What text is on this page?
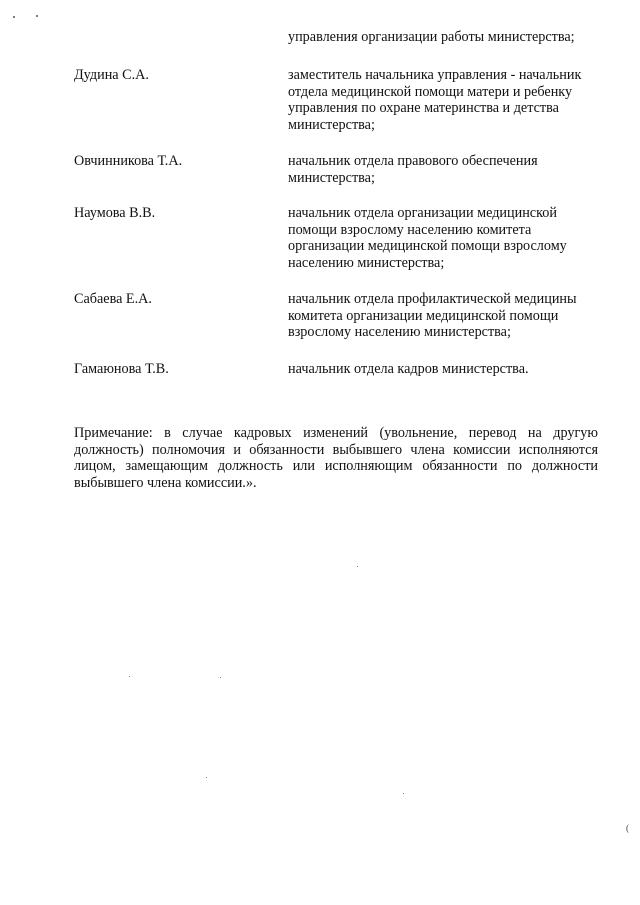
управления организации работы министерства;
Дудина С.А.	заместитель начальника управления - начальник
отдела медицинской помощи матери и ребенку
управления по охране материнства и детства
министерства;
Овчинникова Т.А.	начальник отдела правового обеспечения
министерства;
Наумова В.В.	начальник отдела организации медицинской
помощи взрослому населению комитета
организации медицинской помощи взрослому
населению министерства;
Сабаева Е.А.	начальник отдела профилактической медицины
комитета организации медицинской помощи
взрослому населению министерства;
Гамаюнова Т.В.	начальник отдела кадров министерства.
Примечание: в случае кадровых изменений (увольнение, перевод на другую должность) полномочия и обязанности выбывшего члена комиссии исполняются лицом, замещающим должность или исполняющим обязанности по должности выбывшего члена комиссии.».
(
